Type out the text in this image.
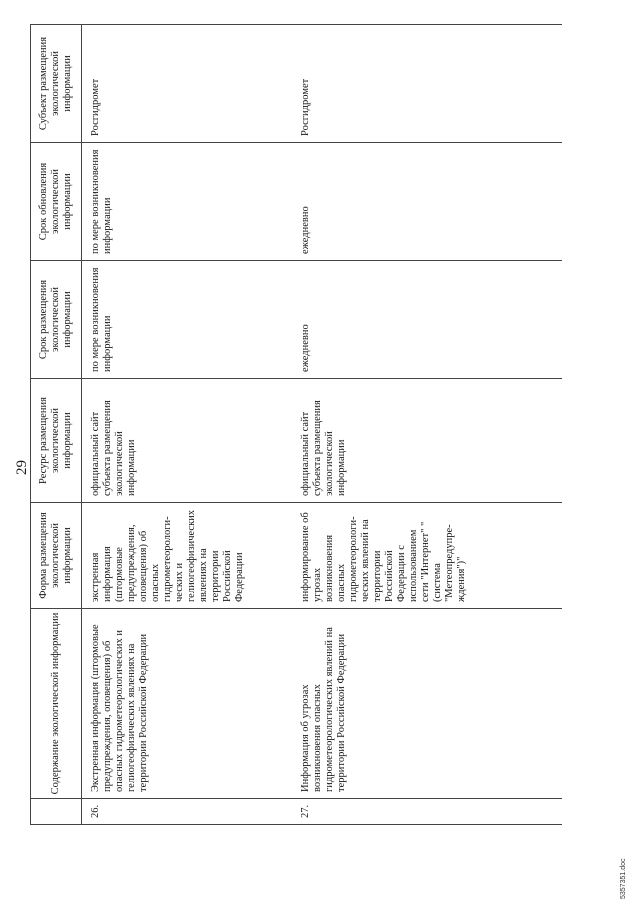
29
	Содержание экологической информации	Форма размещения экологической информации	Ресурс размещения экологической информации	Срок размещения экологической информации	Срок обновления экологической информации	Субъект размещения экологической информации
26.	Экстренная информация (штормовые предупреждения, оповещения) об опасных гидрометеорологических и гелиогеофизических явлениях на территории Российской Федерации	экстренная информация (штормовые предупреждения, оповещения) об опасных гидрометеорологи-ческих и гелиогеофизических явлениях на территории Российской Федерации	официальный сайт субъекта размещения экологической информации	по мере возникновения информации	по мере возникновения информации	Росгидромет
27.	Информация об угрозах возникновения опасных гидрометеорологических явлений на территории Российской Федерации	информирование об угрозах возникновения опасных гидрометеорологи-ческих явлений на территории Российской Федерации с использованием сети "Интернет" "(система "Метеопредупре-ждения")"	официальный сайт субъекта размещения экологической информации	ежедневно	ежедневно	Росгидромет
5357351.doc
